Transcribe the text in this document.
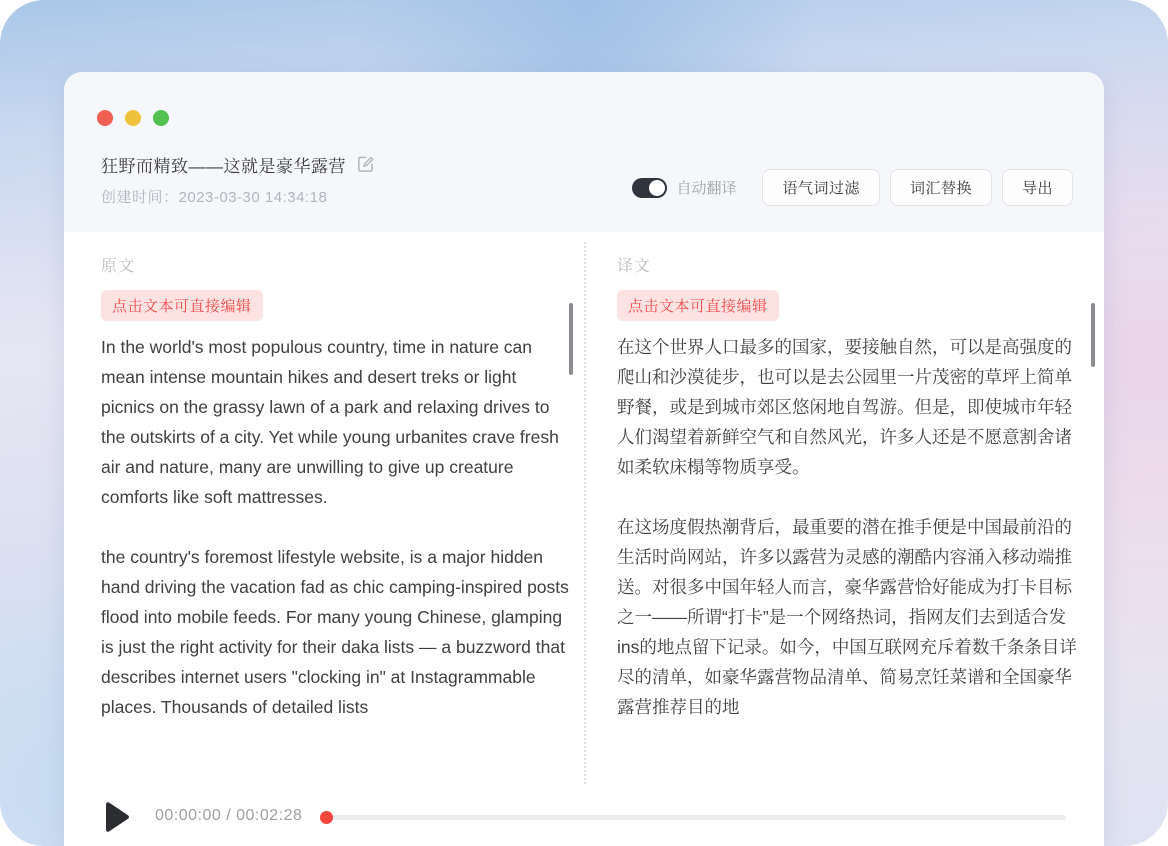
狂野而精致——这就是豪华露营
创建时间：2023-03-30 14:34:18
自动翻译	语气词过滤	词汇替换	导出
原文
点击文本可直接编辑

In the world's most populous country, time in nature can mean intense mountain hikes and desert treks or light picnics on the grassy lawn of a park and relaxing drives to the outskirts of a city. Yet while young urbanites crave fresh air and nature, many are unwilling to give up creature comforts like soft mattresses.

the country's foremost lifestyle website, is a major hidden hand driving the vacation fad as chic camping-inspired posts flood into mobile feeds. For many young Chinese, glamping is just the right activity for their daka lists — a buzzword that describes internet users "clocking in" at Instagrammable places. Thousands of detailed lists

译文
点击文本可直接编辑

在这个世界人口最多的国家，要接触自然，可以是高强度的爬山和沙漠徒步，也可以是去公园里一片茂密的草坪上简单野餐，或是到城市郊区悠闲地自驾游。但是，即使城市年轻人们渴望着新鲜空气和自然风光，许多人还是不愿意割舍诸如柔软床榻等物质享受。

在这场度假热潮背后，最重要的潜在推手便是中国最前沿的生活时尚网站，许多以露营为灵感的潮酷内容涌入移动端推送。对很多中国年轻人而言，豪华露营恰好能成为打卡目标之一——所谓“打卡”是一个网络热词，指网友们去到适合发ins的地点留下记录。如今，中国互联网充斥着数千条条目详尽的清单，如豪华露营物品清单、简易烹饪菜谱和全国豪华露营推荐目的地

00:00:00 / 00:02:28
